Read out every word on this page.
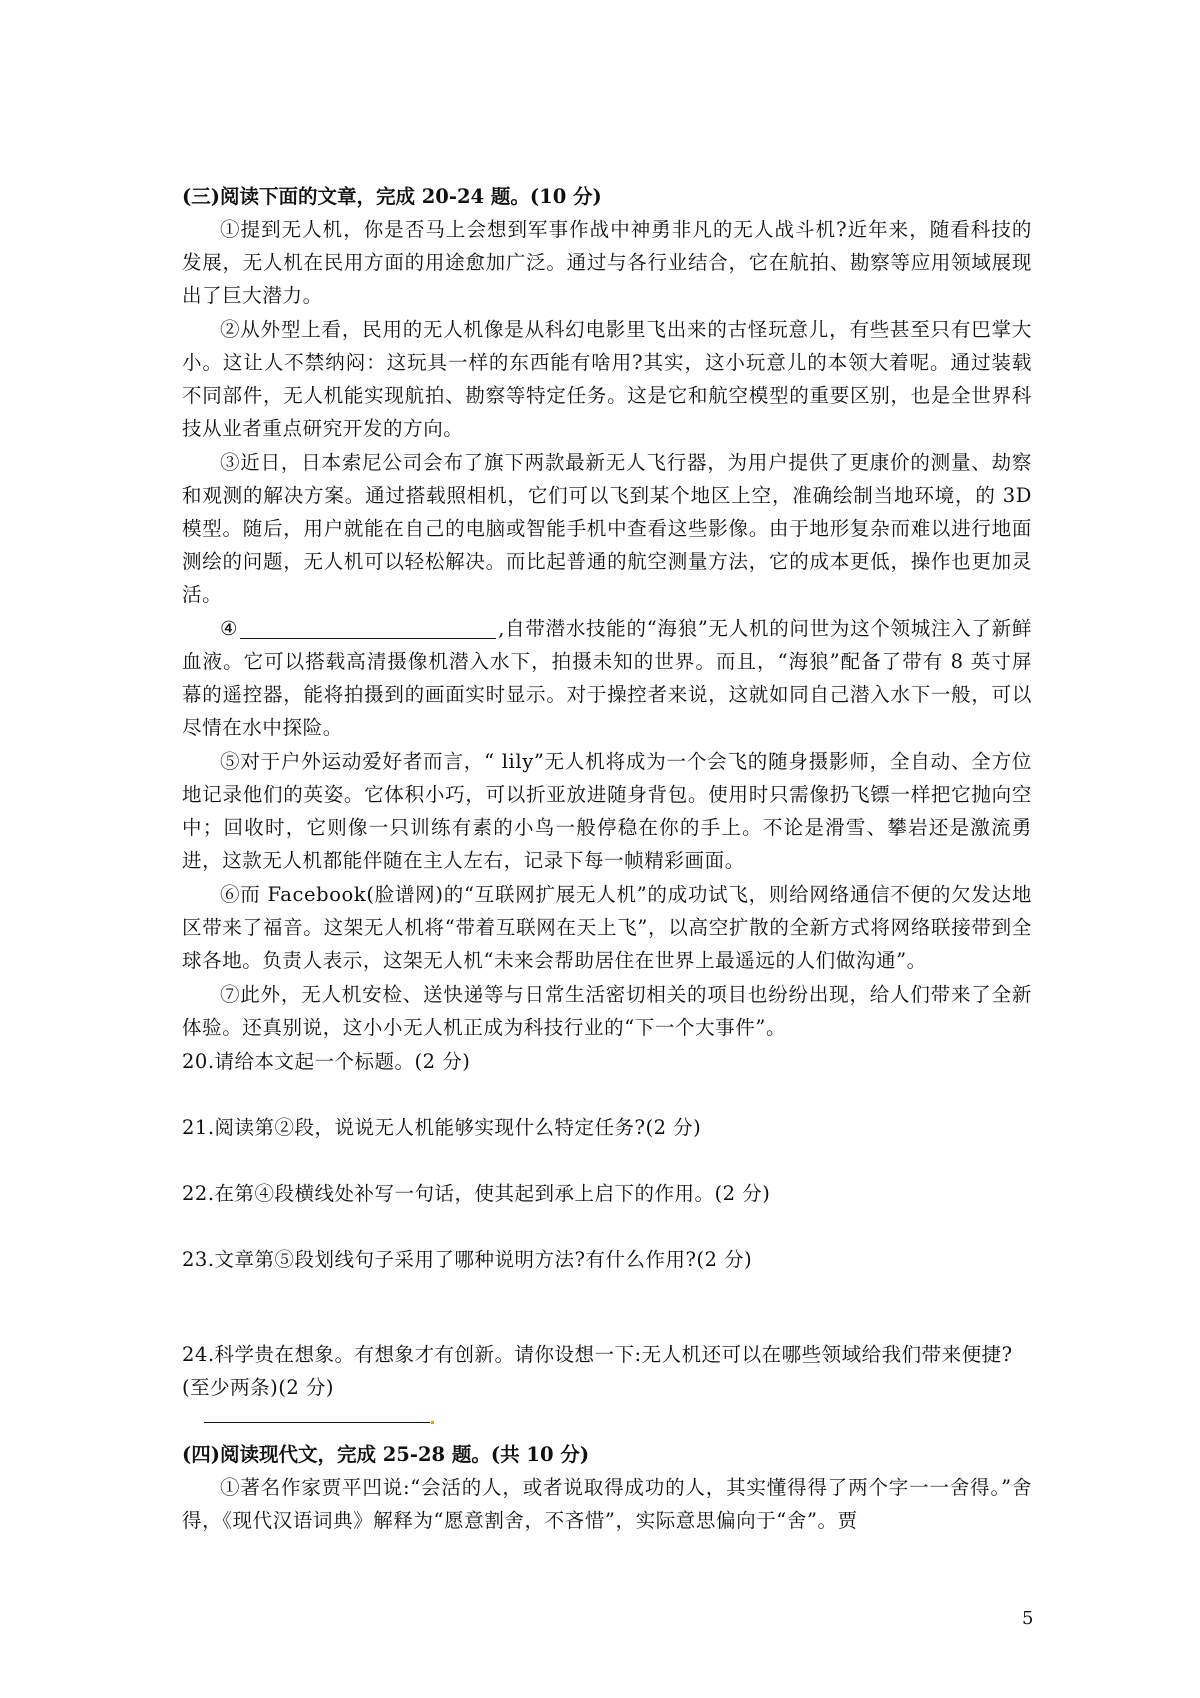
(三)阅读下面的文章，完成 20-24 题。(10 分)

①提到无人机，你是否马上会想到军事作战中神勇非凡的无人战斗机?近年来，随看科技的发展，无人机在民用方面的用途愈加广泛。通过与各行业结合，它在航拍、勘察等应用领域展现出了巨大潜力。

②从外型上看，民用的无人机像是从科幻电影里飞出来的古怪玩意儿，有些甚至只有巴掌大小。这让人不禁纳闷：这玩具一样的东西能有啥用?其实，这小玩意儿的本领大着呢。通过装载不同部件，无人机能实现航拍、勘察等特定任务。这是它和航空模型的重要区别，也是全世界科技从业者重点研究开发的方向。

③近日，日本索尼公司会布了旗下两款最新无人飞行器，为用户提供了更康价的测量、劫察和观测的解决方案。通过搭载照相机，它们可以飞到某个地区上空，准确绘制当地环境，的 3D 模型。随后，用户就能在自己的电脑或智能手机中查看这些影像。由于地形复杂而难以进行地面测绘的问题，无人机可以轻松解决。而比起普通的航空测量方法，它的成本更低，操作也更加灵活。

④	,自带潜水技能的“海狼”无人机的问世为这个领城注入了新鲜血液。它可以搭载高清摄像机潜入水下，拍摄未知的世界。而且，“海狼”配备了带有 8 英寸屏幕的遥控器，能将拍摄到的画面实时显示。对于操控者来说，这就如同自己潜入水下一般，可以尽情在水中探险。

⑤对于户外运动爱好者而言，“ lily”无人机将成为一个会飞的随身摄影师，全自动、全方位地记录他们的英姿。它体积小巧，可以折亚放进随身背包。使用时只需像扔飞镖一样把它抛向空中；回收时，它则像一只训练有素的小鸟一般停稳在你的手上。不论是滑雪、攀岩还是激流勇进，这款无人机都能伴随在主人左右，记录下每一帧精彩画面。

⑥而 Facebook(脸谱网)的“互联网扩展无人机”的成功试飞，则给网络通信不便的欠发达地区带来了福音。这架无人机将“带着互联网在天上飞”，以高空扩散的全新方式将网络联接带到全球各地。负责人表示，这架无人机“未来会帮助居住在世界上最遥远的人们做沟通”。

⑦此外，无人机安检、送快递等与日常生活密切相关的项目也纷纷出现，给人们带来了全新体验。还真别说，这小小无人机正成为科技行业的“下一个大事件”。

20.请给本文起一个标题。(2 分)

21.阅读第②段，说说无人机能够实现什么特定任务?(2 分)

22.在第④段横线处补写一句话，使其起到承上启下的作用。(2 分)

23.文章第⑤段划线句子采用了哪种说明方法?有什么作用?(2 分)

24.科学贵在想象。有想象才有创新。请你设想一下:无人机还可以在哪些领域给我们带来便捷?(至少两条)(2 分)

(四)阅读现代文，完成 25-28 题。(共 10 分)

①著名作家贾平凹说:“会活的人，或者说取得成功的人，其实懂得得了两个字一一舍得。”舍得，《现代汉语词典》解释为“愿意割舍，不吝惜”，实际意思偏向于“舍”。贾

5
